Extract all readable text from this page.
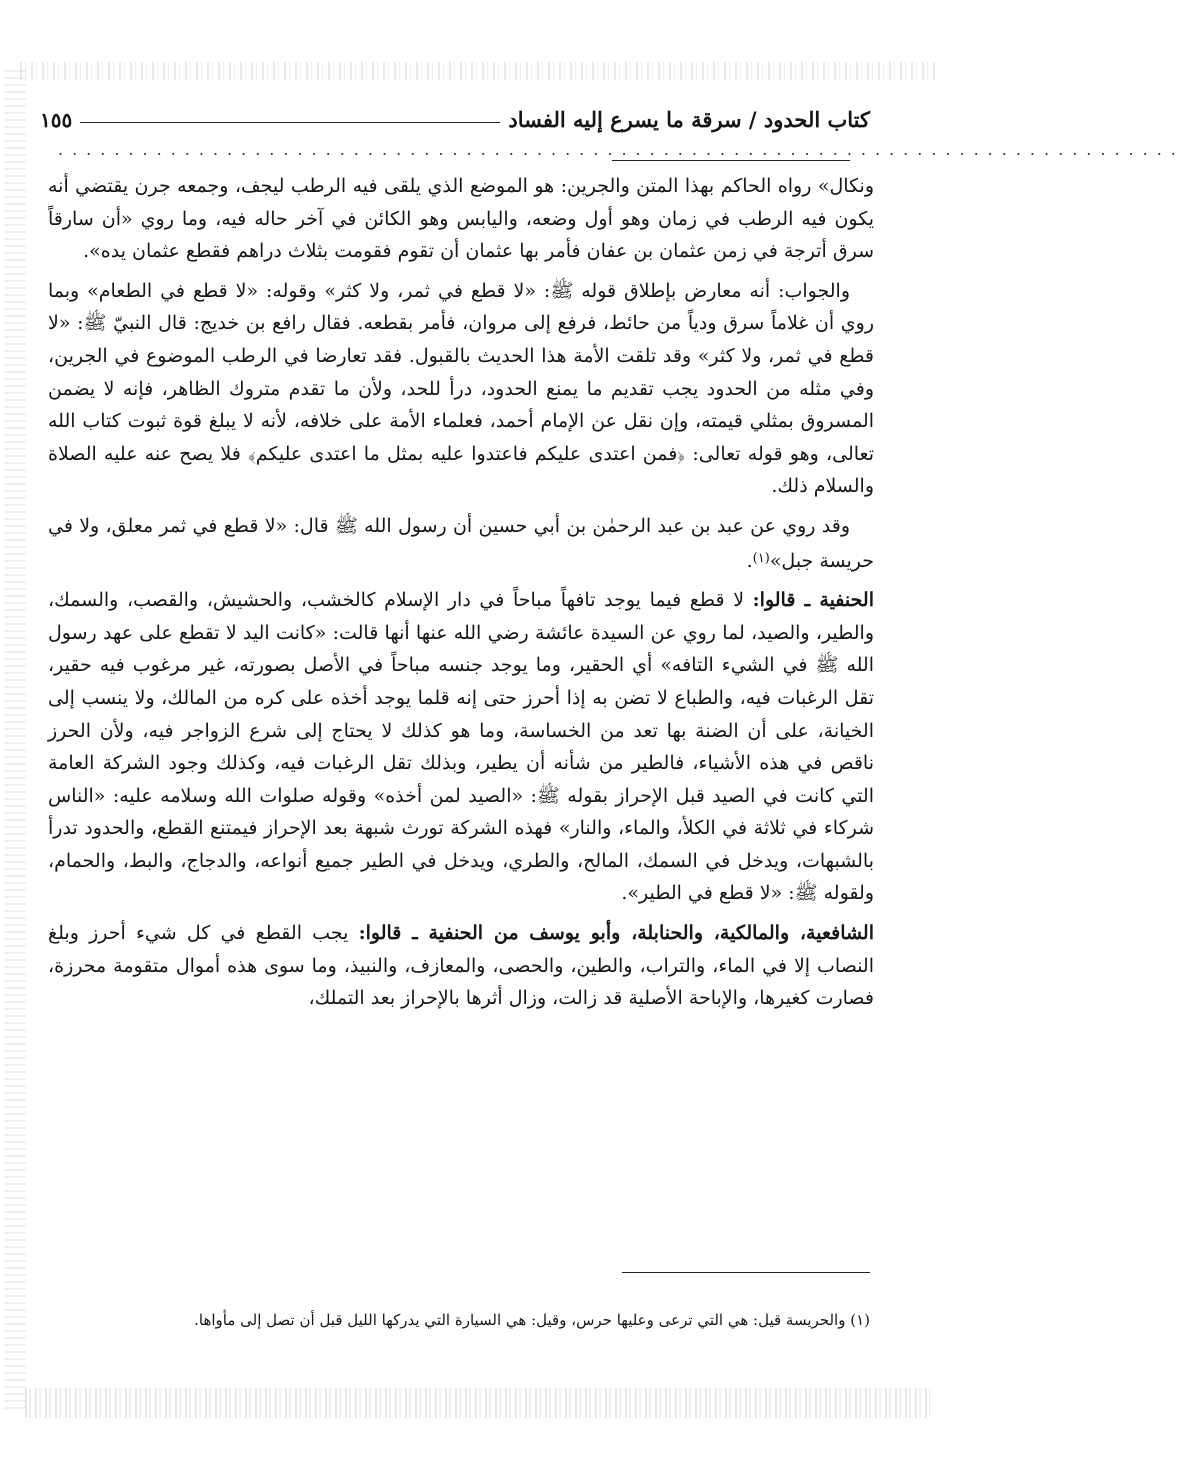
كتاب الحدود / سرقة ما يسرع إليه الفساد
١٥٥
................................................................................

ونكال» رواه الحاكم بهذا المتن والجرين: هو الموضع الذي يلقى فيه الرطب ليجف، وجمعه جرن يقتضي أنه يكون فيه الرطب في زمان وهو أول وضعه، واليابس وهو الكائن في آخر حاله فيه، وما روي «أن سارقاً سرق أترجة في زمن عثمان بن عفان فأمر بها عثمان أن تقوم فقومت بثلاث دراهم فقطع عثمان يده».

والجواب: أنه معارض بإطلاق قوله ﷺ: «لا قطع في ثمر، ولا كثر» وقوله: «لا قطع في الطعام» وبما روي أن غلاماً سرق ودياً من حائط، فرفع إلى مروان، فأمر بقطعه. فقال رافع بن خديج: قال النبيّ ﷺ: «لا قطع في ثمر، ولا كثر» وقد تلقت الأمة هذا الحديث بالقبول. فقد تعارضا في الرطب الموضوع في الجرين، وفي مثله من الحدود يجب تقديم ما يمنع الحدود، درأ للحد، ولأن ما تقدم متروك الظاهر، فإنه لا يضمن المسروق بمثلي قيمته، وإن نقل عن الإمام أحمد، فعلماء الأمة على خلافه، لأنه لا يبلغ قوة ثبوت كتاب الله تعالى، وهو قوله تعالى: ﴿فمن اعتدى عليكم فاعتدوا عليه بمثل ما اعتدى عليكم﴾ فلا يصح عنه عليه الصلاة والسلام ذلك.

وقد روي عن عبد بن عبد الرحمٰن بن أبي حسين أن رسول الله ﷺ قال: «لا قطع في ثمر معلق، ولا في حريسة جبل»$^{(١)}$.

الحنفية ـ قالوا: لا قطع فيما يوجد تافهاً مباحاً في دار الإسلام كالخشب، والحشيش، والقصب، والسمك، والطير، والصيد، لما روي عن السيدة عائشة رضي الله عنها أنها قالت: «كانت اليد لا تقطع على عهد رسول الله ﷺ في الشيء التافه» أي الحقير، وما يوجد جنسه مباحاً في الأصل بصورته، غير مرغوب فيه حقير، تقل الرغبات فيه، والطباع لا تضن به إذا أحرز حتى إنه قلما يوجد أخذه على كره من المالك، ولا ينسب إلى الخيانة، على أن الضنة بها تعد من الخساسة، وما هو كذلك لا يحتاج إلى شرع الزواجر فيه، ولأن الحرز ناقص في هذه الأشياء، فالطير من شأنه أن يطير، وبذلك تقل الرغبات فيه، وكذلك وجود الشركة العامة التي كانت في الصيد قبل الإحراز بقوله ﷺ: «الصيد لمن أخذه» وقوله صلوات الله وسلامه عليه: «الناس شركاء في ثلاثة في الكلأ، والماء، والنار» فهذه الشركة تورث شبهة بعد الإحراز فيمتنع القطع، والحدود تدرأ بالشبهات، ويدخل في السمك، المالح، والطري، ويدخل في الطير جميع أنواعه، والدجاج، والبط، والحمام، ولقوله ﷺ: «لا قطع في الطير».

الشافعية، والمالكية، والحنابلة، وأبو يوسف من الحنفية ـ قالوا: يجب القطع في كل شيء أحرز وبلغ النصاب إلا في الماء، والتراب، والطين، والحصى، والمعازف، والنبيذ، وما سوى هذه أموال متقومة محرزة، فصارت كغيرها، والإباحة الأصلية قد زالت، وزال أثرها بالإحراز بعد التملك،

(١) والحريسة قيل: هي التي ترعى وعليها حرس، وقيل: هي السيارة التي يدركها الليل قبل أن تصل إلى مأواها.
